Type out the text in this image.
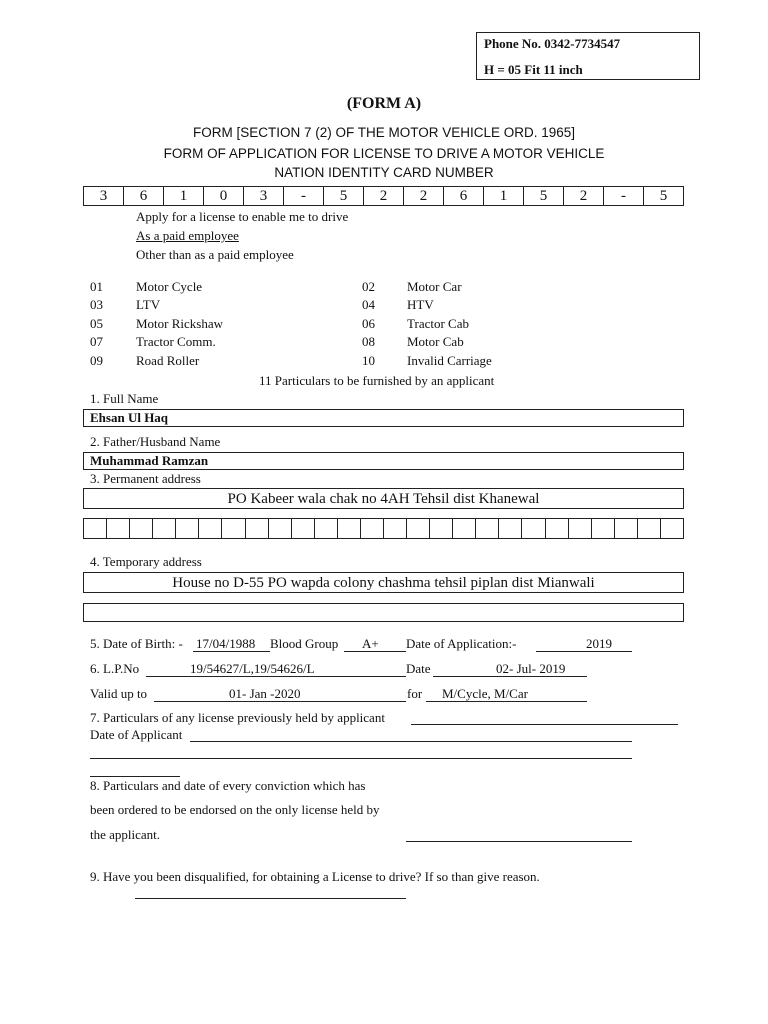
Phone No. 0342-7734547
H = 05 Fit 11 inch
(FORM A)
FORM [SECTION 7 (2) OF THE MOTOR VEHICLE ORD. 1965]
FORM OF APPLICATION FOR LICENSE TO DRIVE A MOTOR VEHICLE
NATION IDENTITY CARD NUMBER
3	6	1	0	3	-	5	2	2	6	1	5	2	-	5
Apply for a license to enable me to drive
As a paid employee
Other than as a paid employee
01	Motor Cycle	02 Motor Car
03	LTV	04 HTV
05	Motor Rickshaw	06 Tractor Cab
07	Tractor Comm.	08 Motor Cab
09	Road Roller	10 Invalid Carriage
11 Particulars to be furnished by an applicant
1. Full Name
Ehsan Ul Haq
2. Father/Husband Name
Muhammad Ramzan
3. Permanent address
PO Kabeer wala chak no 4AH Tehsil dist Khanewal
4. Temporary address
House no D-55 PO wapda colony chashma tehsil piplan dist Mianwali
5. Date of Birth: - 17/04/1988 Blood Group A+ Date of Application:-	2019
6. L.P.No	19/54627/L,19/54626/L	Date	02- Jul- 2019
Valid up to	01- Jan -2020	for M/Cycle, M/Car
7. Particulars of any license previously held by applicant
Date of Applicant
8. Particulars and date of every conviction which has
been ordered to be endorsed on the only license held by
the applicant.
9. Have you been disqualified, for obtaining a License to drive? If so than give reason.
